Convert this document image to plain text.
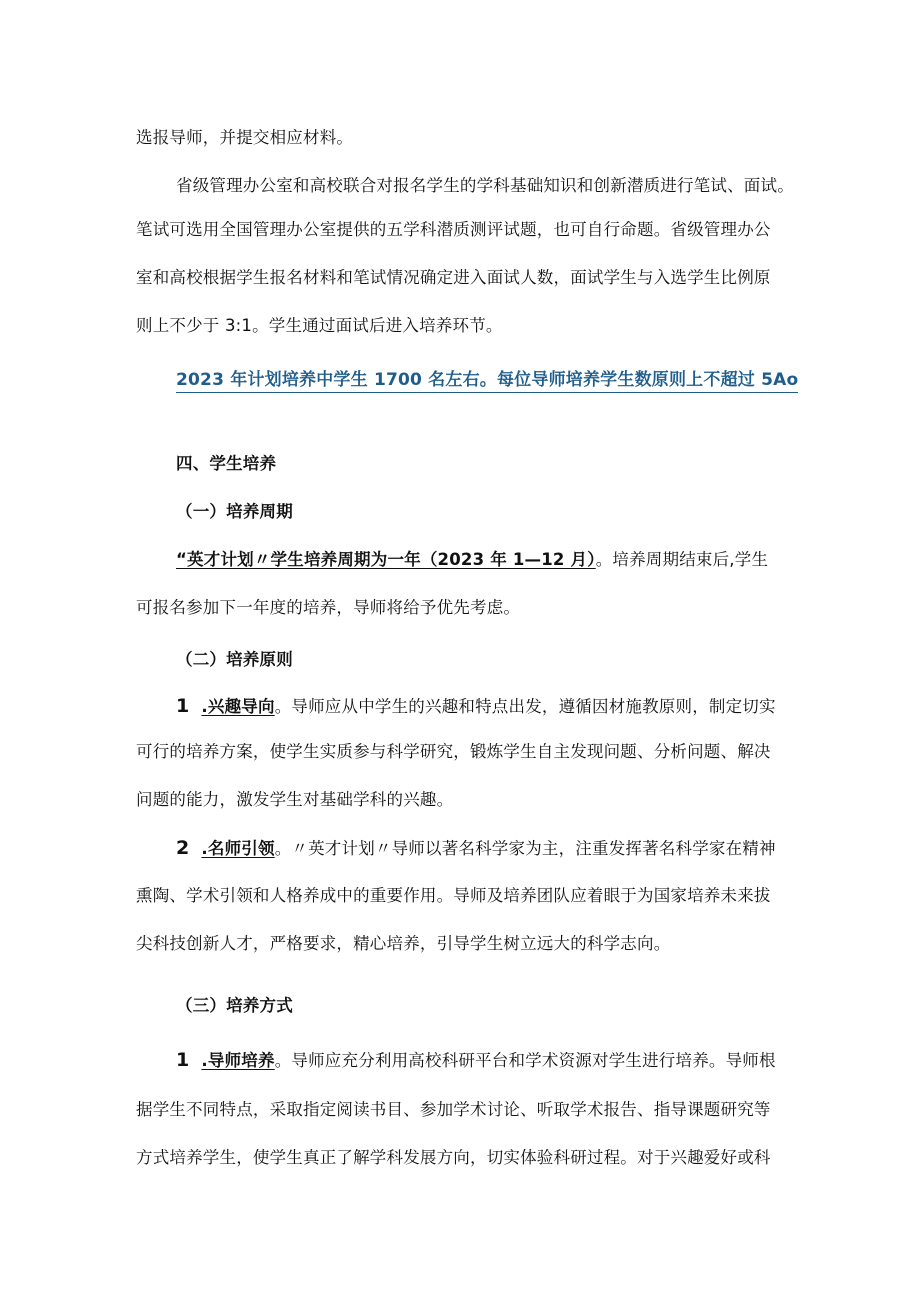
选报导师，并提交相应材料。
省级管理办公室和高校联合对报名学生的学科基础知识和创新潜质进行笔试、面试。
笔试可选用全国管理办公室提供的五学科潜质测评试题，也可自行命题。省级管理办公
室和高校根据学生报名材料和笔试情况确定进入面试人数，面试学生与入选学生比例原
则上不少于 3:1。学生通过面试后进入培养环节。
2023 年计划培养中学生 1700 名左右。每位导师培养学生数原则上不超过 5Ao
四、学生培养
（一）培养周期
“英才计划〃学生培养周期为一年（2023 年 1—12 月）。培养周期结束后,学生
可报名参加下一年度的培养，导师将给予优先考虑。
（二）培养原则
1 .兴趣导向。导师应从中学生的兴趣和特点出发，遵循因材施教原则，制定切实
可行的培养方案，使学生实质参与科学研究，锻炼学生自主发现问题、分析问题、解决
问题的能力，激发学生对基础学科的兴趣。
2 .名师引领。〃英才计划〃导师以著名科学家为主，注重发挥著名科学家在精神
熏陶、学术引领和人格养成中的重要作用。导师及培养团队应着眼于为国家培养未来拔
尖科技创新人才，严格要求，精心培养，引导学生树立远大的科学志向。
（三）培养方式
1 .导师培养。导师应充分利用高校科研平台和学术资源对学生进行培养。导师根
据学生不同特点，采取指定阅读书目、参加学术讨论、听取学术报告、指导课题研究等
方式培养学生，使学生真正了解学科发展方向，切实体验科研过程。对于兴趣爱好或科
